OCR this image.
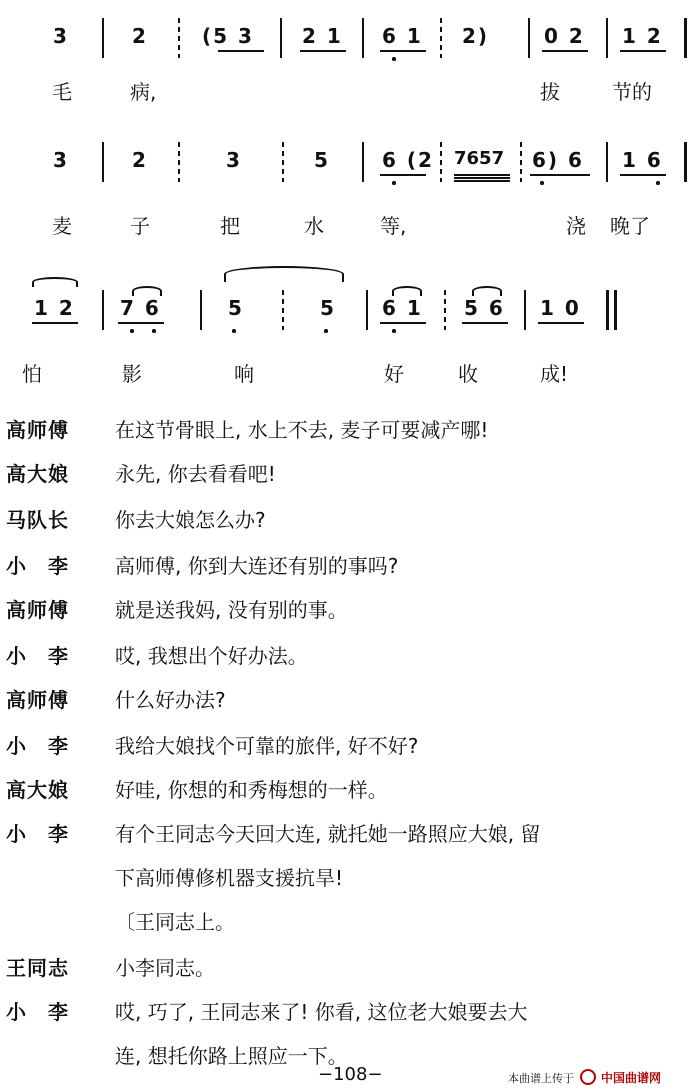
3	2	(5 3 2 1 6 1 2)	0 2 1 2
毛	病,	拔	节的
3	2	3	5	6 (2 7657 6) 6 1 6
麦	子	把	水	等,	浇 晚了
1 2 7 6	5	5 6 1 5 6 1 0
怕	影	响	好	收	成!
高师傅 在这节骨眼上, 水上不去, 麦子可要减产哪!
高大娘 永先, 你去看看吧!
马队长 你去大娘怎么办?
小　李 高师傅, 你到大连还有别的事吗?
高师傅 就是送我妈, 没有别的事。
小　李 哎, 我想出个好办法。
高师傅 什么好办法?
小　李 我给大娘找个可靠的旅伴, 好不好?
高大娘 好哇, 你想的和秀梅想的一样。
小　李 有个王同志今天回大连, 就托她一路照应大娘, 留
下高师傅修机器支援抗旱!
〔王同志上。
王同志 小李同志。
小　李 哎, 巧了, 王同志来了! 你看, 这位老大娘要去大
连, 想托你路上照应一下。
−108−	本曲谱上传于 中国曲谱网
